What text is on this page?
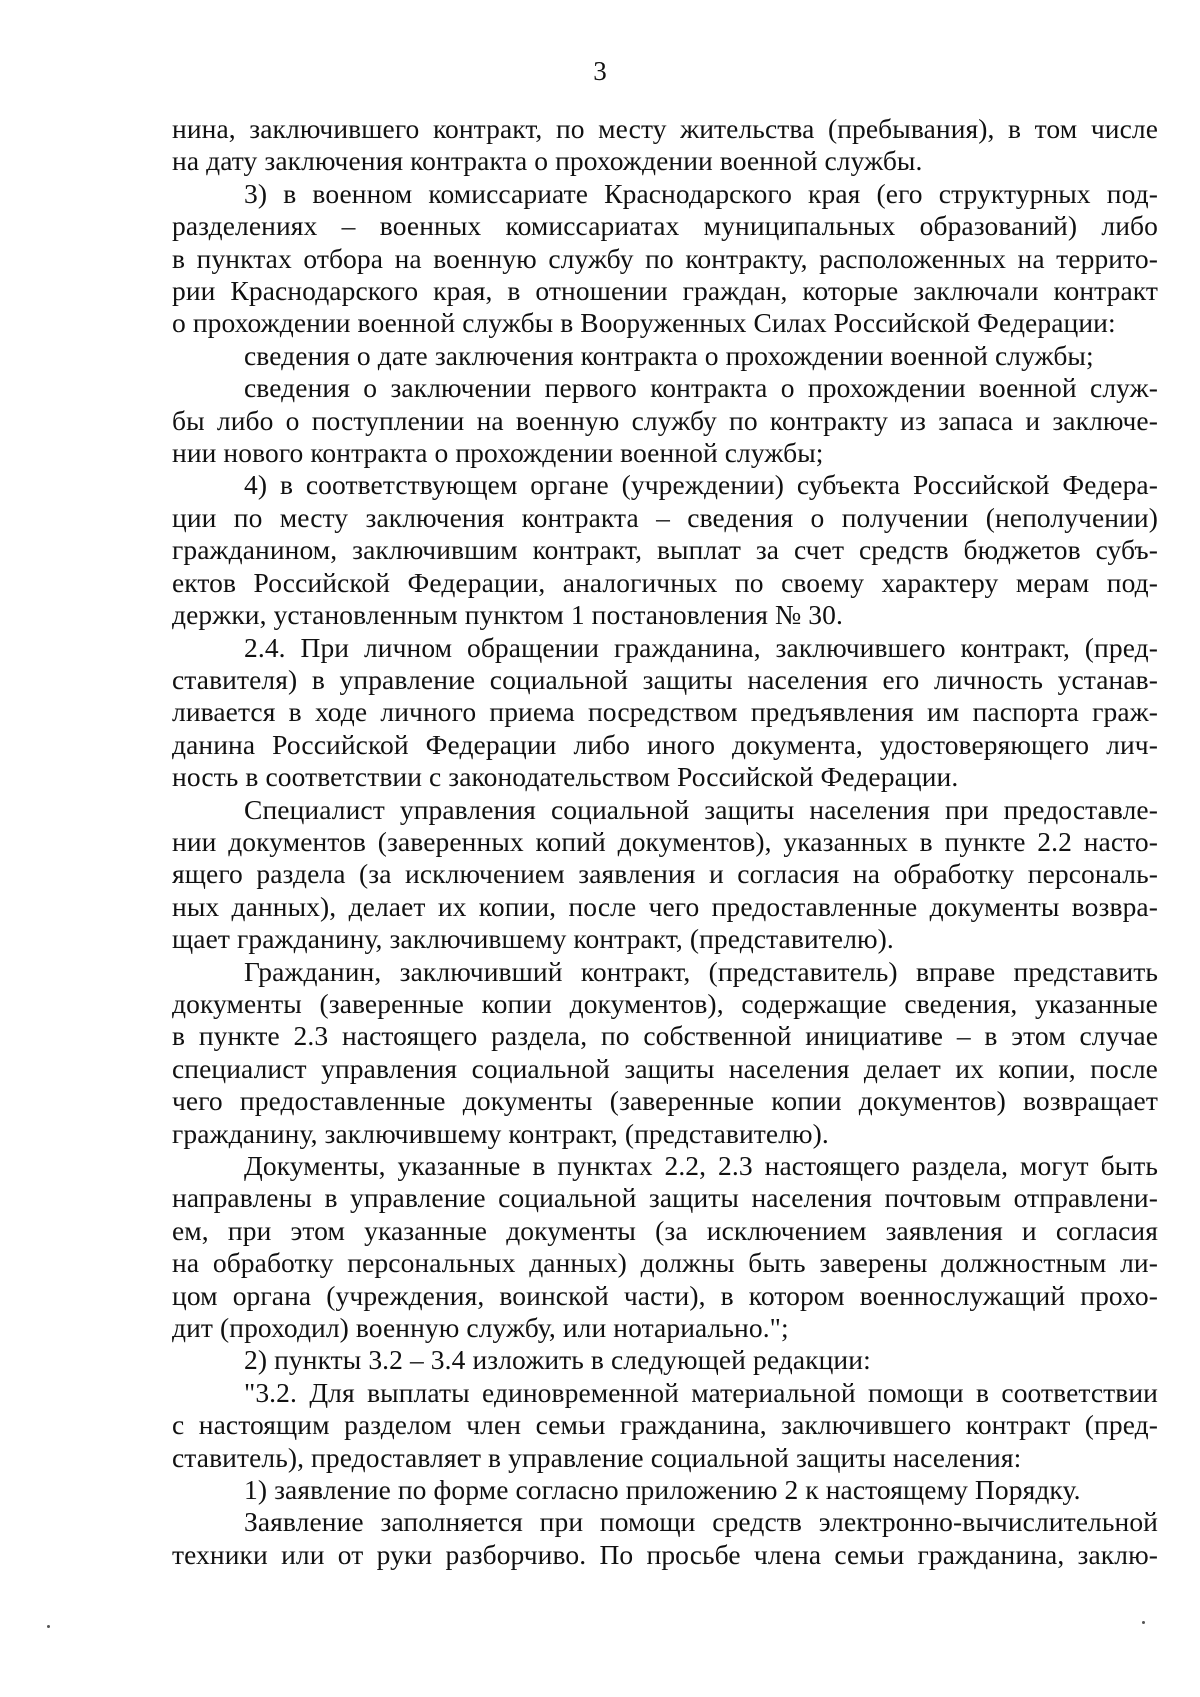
3

нина, заключившего контракт, по месту жительства (пребывания), в том числе

на дату заключения контракта о прохождении военной службы.

3) в военном комиссариате Краснодарского края (его структурных под-

разделениях – военных комиссариатах муниципальных образований) либо

в пунктах отбора на военную службу по контракту, расположенных на террито-

рии Краснодарского края, в отношении граждан, которые заключали контракт

о прохождении военной службы в Вооруженных Силах Российской Федерации:

сведения о дате заключения контракта о прохождении военной службы;

сведения о заключении первого контракта о прохождении военной служ-

бы либо о поступлении на военную службу по контракту из запаса и заключе-

нии нового контракта о прохождении военной службы;

4) в соответствующем органе (учреждении) субъекта Российской Федера-

ции по месту заключения контракта – сведения о получении (неполучении)

гражданином, заключившим контракт, выплат за счет средств бюджетов субъ-

ектов Российской Федерации, аналогичных по своему характеру мерам под-

держки, установленным пунктом 1 постановления № 30.

2.4. При личном обращении гражданина, заключившего контракт, (пред-

ставителя) в управление социальной защиты населения его личность устанав-

ливается в ходе личного приема посредством предъявления им паспорта граж-

данина Российской Федерации либо иного документа, удостоверяющего лич-

ность в соответствии с законодательством Российской Федерации.

Специалист управления социальной защиты населения при предоставле-

нии документов (заверенных копий документов), указанных в пункте 2.2 насто-

ящего раздела (за исключением заявления и согласия на обработку персональ-

ных данных), делает их копии, после чего предоставленные документы возвра-

щает гражданину, заключившему контракт, (представителю).

Гражданин, заключивший контракт, (представитель) вправе представить

документы (заверенные копии документов), содержащие сведения, указанные

в пункте 2.3 настоящего раздела, по собственной инициативе – в этом случае

специалист управления социальной защиты населения делает их копии, после

чего предоставленные документы (заверенные копии документов) возвращает

гражданину, заключившему контракт, (представителю).

Документы, указанные в пунктах 2.2, 2.3 настоящего раздела, могут быть

направлены в управление социальной защиты населения почтовым отправлени-

ем, при этом указанные документы (за исключением заявления и согласия

на обработку персональных данных) должны быть заверены должностным ли-

цом органа (учреждения, воинской части), в котором военнослужащий прохо-

дит (проходил) военную службу, или нотариально.";

2) пункты 3.2 – 3.4 изложить в следующей редакции:

"3.2. Для выплаты единовременной материальной помощи в соответствии

с настоящим разделом член семьи гражданина, заключившего контракт (пред-

ставитель), предоставляет в управление социальной защиты населения:

1) заявление по форме согласно приложению 2 к настоящему Порядку.

Заявление заполняется при помощи средств электронно-вычислительной

техники или от руки разборчиво. По просьбе члена семьи гражданина, заклю-
